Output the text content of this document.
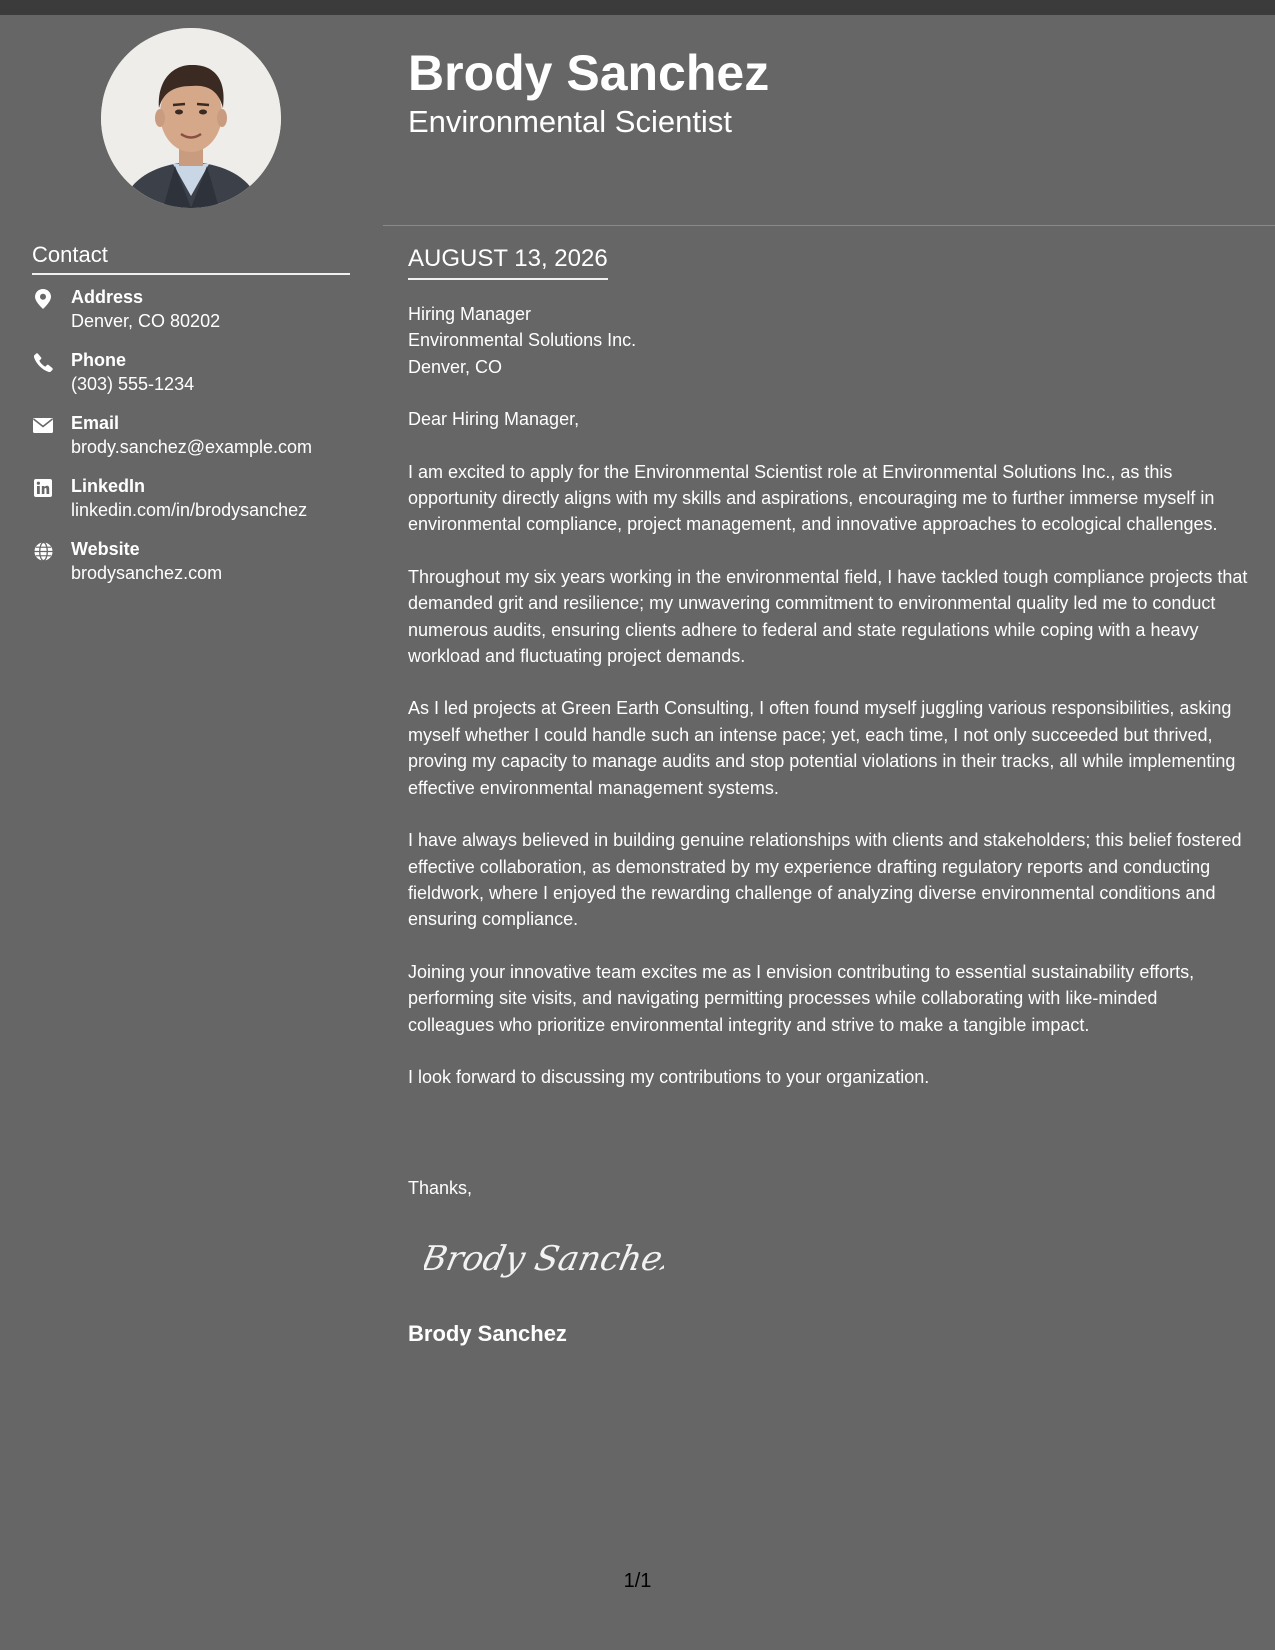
Contact
Address
Denver, CO 80202
Phone
(303) 555-1234
Email
brody.sanchez@example.com
LinkedIn
linkedin.com/in/brodysanchez
Website
brodysanchez.com
Brody Sanchez
Environmental Scientist
AUGUST 13, 2026

Hiring Manager

Environmental Solutions Inc.

Denver, CO

Dear Hiring Manager,

I am excited to apply for the Environmental Scientist role at Environmental Solutions Inc., as this opportunity directly aligns with my skills and aspirations, encouraging me to further immerse myself in environmental compliance, project management, and innovative approaches to ecological challenges.

Throughout my six years working in the environmental field, I have tackled tough compliance projects that demanded grit and resilience; my unwavering commitment to environmental quality led me to conduct numerous audits, ensuring clients adhere to federal and state regulations while coping with a heavy workload and fluctuating project demands.

As I led projects at Green Earth Consulting, I often found myself juggling various responsibilities, asking myself whether I could handle such an intense pace; yet, each time, I not only succeeded but thrived, proving my capacity to manage audits and stop potential violations in their tracks, all while implementing effective environmental management systems.

I have always believed in building genuine relationships with clients and stakeholders; this belief fostered effective collaboration, as demonstrated by my experience drafting regulatory reports and conducting fieldwork, where I enjoyed the rewarding challenge of analyzing diverse environmental conditions and ensuring compliance.

Joining your innovative team excites me as I envision contributing to essential sustainability efforts, performing site visits, and navigating permitting processes while collaborating with like-minded colleagues who prioritize environmental integrity and strive to make a tangible impact.

I look forward to discussing my contributions to your organization.

Thanks,
Brody Sanchez
Brody Sanchez
1/1
